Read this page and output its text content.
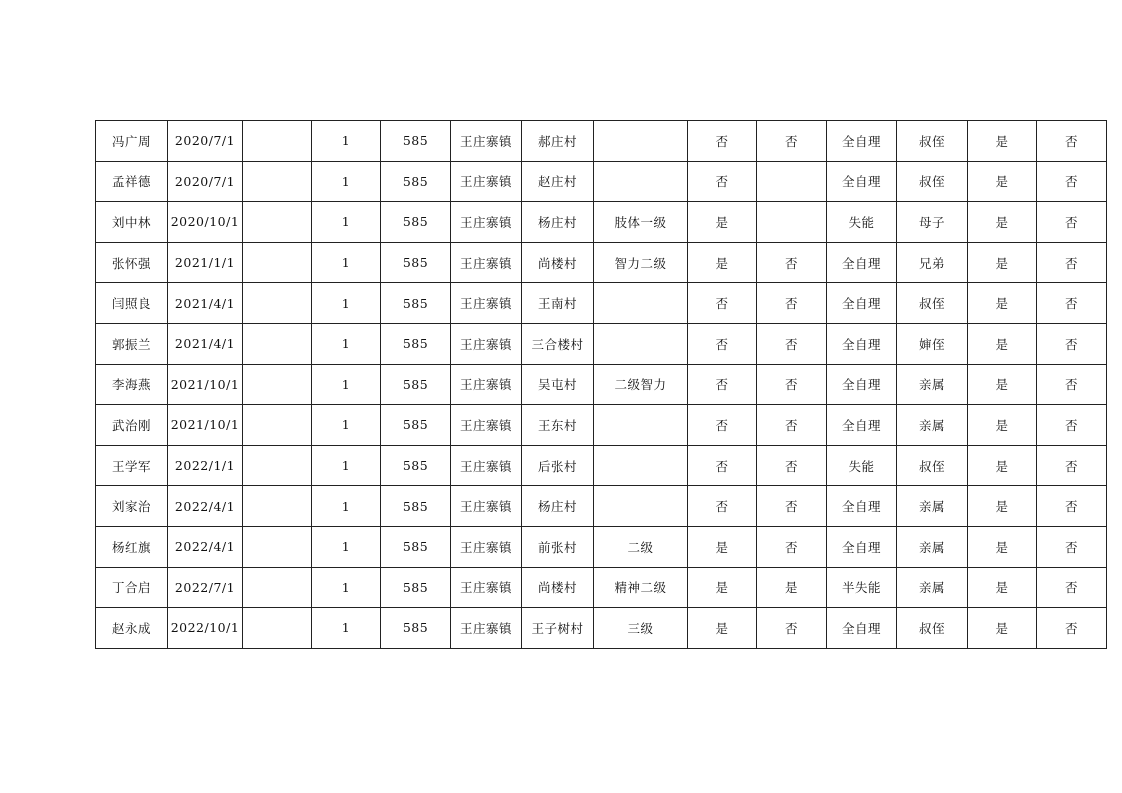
冯广周	2020/7/1		1	585	王庄寨镇	郝庄村		否	否	全自理	叔侄	是	否
孟祥德	2020/7/1		1	585	王庄寨镇	赵庄村		否		全自理	叔侄	是	否
刘中林	2020/10/1		1	585	王庄寨镇	杨庄村	肢体一级	是		失能	母子	是	否
张怀强	2021/1/1		1	585	王庄寨镇	尚楼村	智力二级	是	否	全自理	兄弟	是	否
闫照良	2021/4/1		1	585	王庄寨镇	王南村		否	否	全自理	叔侄	是	否
郭振兰	2021/4/1		1	585	王庄寨镇	三合楼村		否	否	全自理	婶侄	是	否
李海燕	2021/10/1		1	585	王庄寨镇	吴屯村	二级智力	否	否	全自理	亲属	是	否
武治刚	2021/10/1		1	585	王庄寨镇	王东村		否	否	全自理	亲属	是	否
王学军	2022/1/1		1	585	王庄寨镇	后张村		否	否	失能	叔侄	是	否
刘家治	2022/4/1		1	585	王庄寨镇	杨庄村		否	否	全自理	亲属	是	否
杨红旗	2022/4/1		1	585	王庄寨镇	前张村	二级	是	否	全自理	亲属	是	否
丁合启	2022/7/1		1	585	王庄寨镇	尚楼村	精神二级	是	是	半失能	亲属	是	否
赵永成	2022/10/1		1	585	王庄寨镇	王子树村	三级	是	否	全自理	叔侄	是	否
